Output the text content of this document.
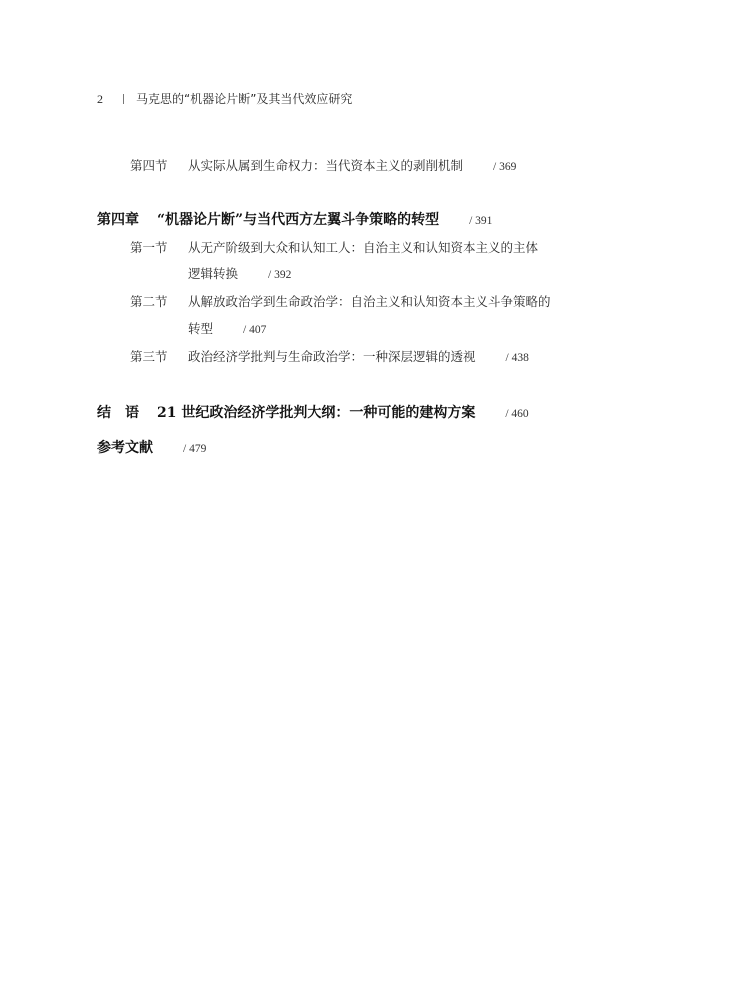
2	马克思的“机器论片断”及其当代效应研究
第四节 从实际从属到生命权力：当代资本主义的剥削机制	/ 369
第四章 “机器论片断”与当代西方左翼斗争策略的转型	/ 391
第一节 从无产阶级到大众和认知工人：自治主义和认知资本主义的主体
逻辑转换	/ 392
第二节 从解放政治学到生命政治学：自治主义和认知资本主义斗争策略的
转型	/ 407
第三节 政治经济学批判与生命政治学：一种深层逻辑的透视	/ 438
结　语 21 世纪政治经济学批判大纲：一种可能的建构方案	/ 460
参考文献	/ 479
